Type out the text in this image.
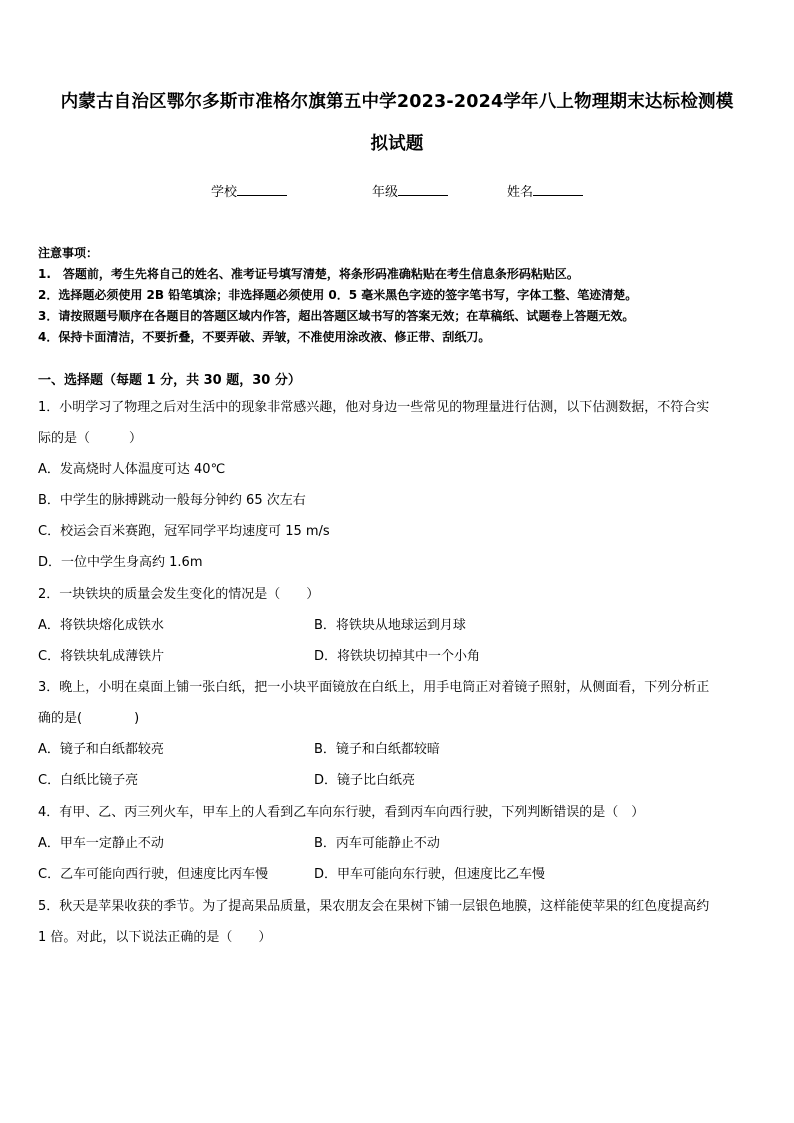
内蒙古自治区鄂尔多斯市准格尔旗第五中学2023-2024学年八上物理期末达标检测模
拟试题
学校	年级	姓名
注意事项：
1.　答题前，考生先将自己的姓名、准考证号填写清楚，将条形码准确粘贴在考生信息条形码粘贴区。
2．选择题必须使用 2B 铅笔填涂；非选择题必须使用 0．5 毫米黑色字迹的签字笔书写，字体工整、笔迹清楚。
3．请按照题号顺序在各题目的答题区域内作答，超出答题区域书写的答案无效；在草稿纸、试题卷上答题无效。
4．保持卡面清洁，不要折叠，不要弄破、弄皱，不准使用涂改液、修正带、刮纸刀。
一、选择题（每题 1 分，共 30 题，30 分）
1．小明学习了物理之后对生活中的现象非常感兴趣，他对身边一些常见的物理量进行估测，以下估测数据，不符合实
际的是（　　　）
A．发高烧时人体温度可达 40℃
B．中学生的脉搏跳动一般每分钟约 65 次左右
C．校运会百米赛跑，冠军同学平均速度可 15 m/s
D．一位中学生身高约 1.6m
2．一块铁块的质量会发生变化的情况是（　　）
A．将铁块熔化成铁水	B．将铁块从地球运到月球
C．将铁块轧成薄铁片	D．将铁块切掉其中一个小角
3．晚上，小明在桌面上铺一张白纸，把一小块平面镜放在白纸上，用手电筒正对着镜子照射，从侧面看，下列分析正
确的是(　　　　)
A．镜子和白纸都较亮	B．镜子和白纸都较暗
C．白纸比镜子亮	D．镜子比白纸亮
4．有甲、乙、丙三列火车，甲车上的人看到乙车向东行驶，看到丙车向西行驶，下列判断错误的是（　）
A．甲车一定静止不动	B．丙车可能静止不动
C．乙车可能向西行驶，但速度比丙车慢	D．甲车可能向东行驶，但速度比乙车慢
5．秋天是苹果收获的季节。为了提高果品质量，果农朋友会在果树下铺一层银色地膜，这样能使苹果的红色度提高约
1 倍。对此，以下说法正确的是（　　）
